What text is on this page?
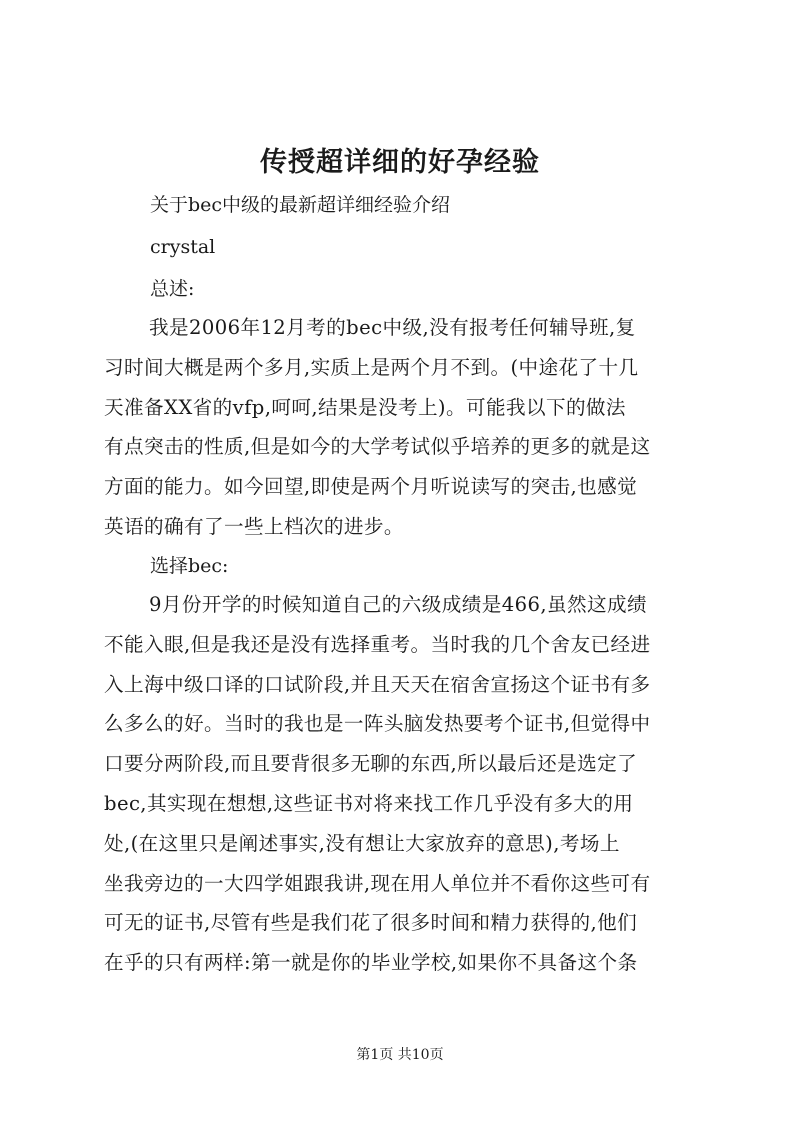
传授超详细的好孕经验
关于bec中级的最新超详细经验介绍
crystal
总述:
我是2006年12月考的bec中级,没有报考任何辅导班,复
习时间大概是两个多月,实质上是两个月不到。(中途花了十几
天准备XX省的vfp,呵呵,结果是没考上)。可能我以下的做法
有点突击的性质,但是如今的大学考试似乎培养的更多的就是这
方面的能力。如今回望,即使是两个月听说读写的突击,也感觉
英语的确有了一些上档次的进步。
选择bec:
9月份开学的时候知道自己的六级成绩是466,虽然这成绩
不能入眼,但是我还是没有选择重考。当时我的几个舍友已经进
入上海中级口译的口试阶段,并且天天在宿舍宣扬这个证书有多
么多么的好。当时的我也是一阵头脑发热要考个证书,但觉得中
口要分两阶段,而且要背很多无聊的东西,所以最后还是选定了
bec,其实现在想想,这些证书对将来找工作几乎没有多大的用
处,(在这里只是阐述事实,没有想让大家放弃的意思),考场上
坐我旁边的一大四学姐跟我讲,现在用人单位并不看你这些可有
可无的证书,尽管有些是我们花了很多时间和精力获得的,他们
在乎的只有两样:第一就是你的毕业学校,如果你不具备这个条
第1页 共10页
